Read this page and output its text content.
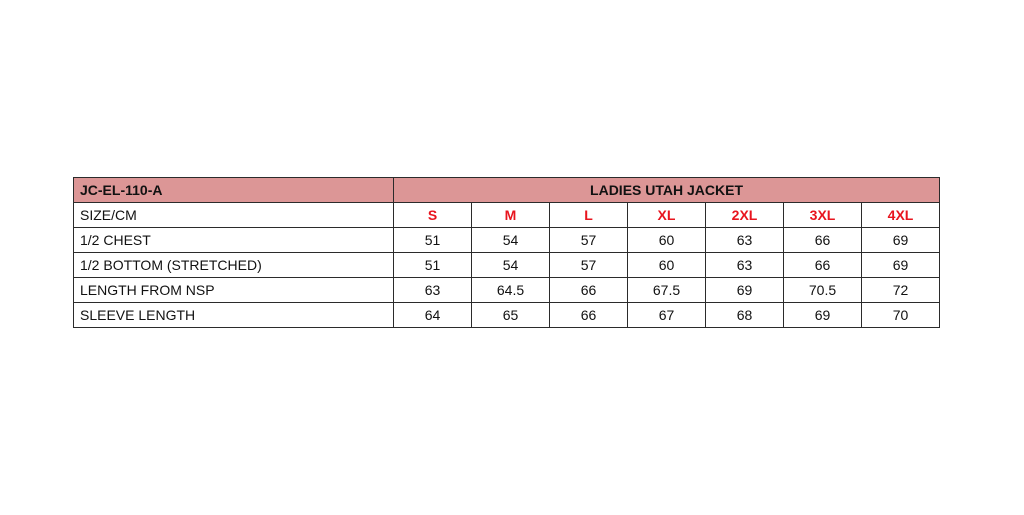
JC-EL-110-A	LADIES UTAH JACKET						
SIZE/CM	S	M	L	XL	2XL	3XL	4XL
1/2 CHEST	51	54	57	60	63	66	69
1/2 BOTTOM (STRETCHED)	51	54	57	60	63	66	69
LENGTH FROM NSP	63	64.5	66	67.5	69	70.5	72
SLEEVE LENGTH	64	65	66	67	68	69	70
